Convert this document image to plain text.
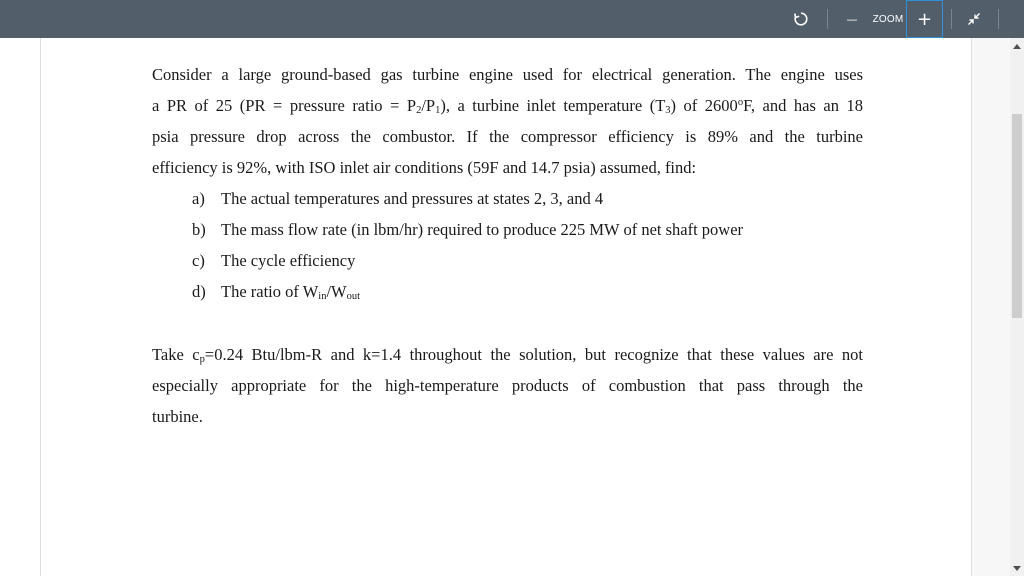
—	ZOOM +
Consider a large ground-based gas turbine engine used for electrical generation. The engine uses
a PR of 25 (PR = pressure ratio = $P_2/P_1$), a turbine inlet temperature $(T_3)$ of 2600$^o$F, and has an 18
psia pressure drop across the combustor. If the compressor efficiency is 89% and the turbine
efficiency is 92%, with ISO inlet air conditions (59F and 14.7 psia) assumed, find:
a) The actual temperatures and pressures at states 2, 3, and 4
b) The mass flow rate (in lbm/hr) required to produce 225 MW of net shaft power
c) The cycle efficiency
d) The ratio of $W_{in}/W_{out}$
Take $c_p=0.24$ Btu/lbm-R and k=1.4 throughout the solution, but recognize that these values are not
especially appropriate for the high-temperature products of combustion that pass through the
turbine.
